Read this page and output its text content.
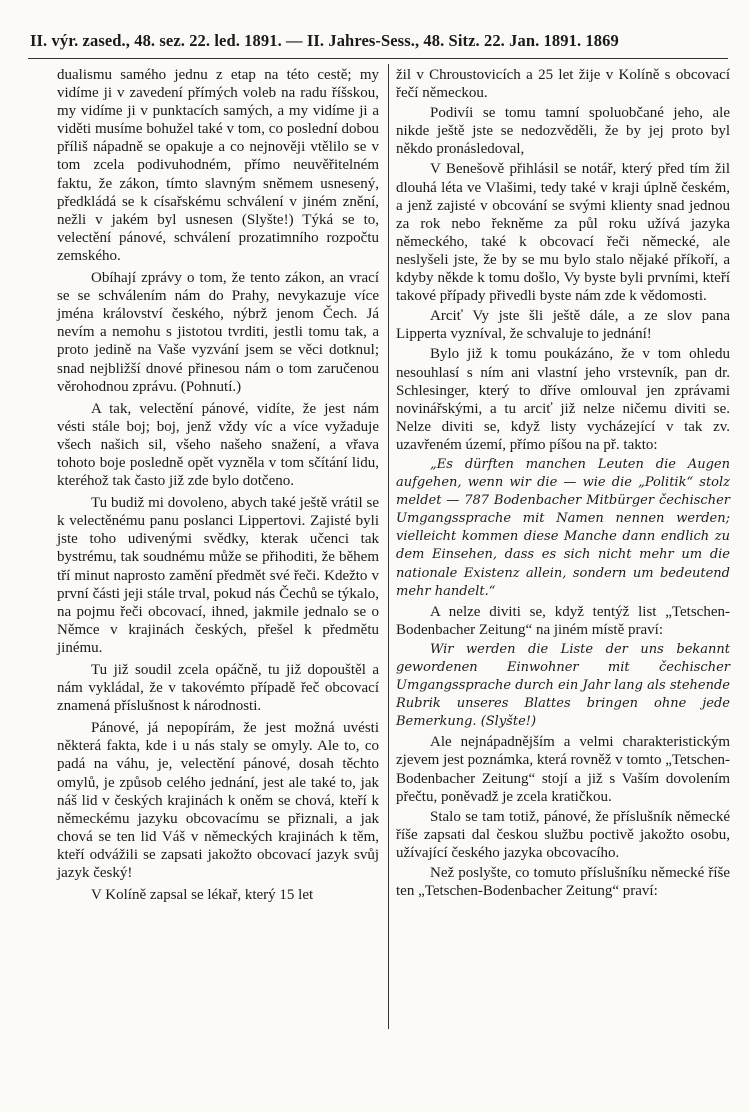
II. výr. zased., 48. sez. 22. led. 1891. — II. Jahres-Sess., 48. Sitz. 22. Jan. 1891. 1869

dualismu samého jednu z etap na této cestě; my vidíme ji v zavedení přímých voleb na radu říšskou, my vidíme ji v punktacích samých, a my vidíme ji a viděti musíme bohužel také v tom, co poslední dobou příliš nápadně se opakuje a co nejnověji vtělilo se v tom zcela podivuhodném, přímo neuvěřitelném faktu, že zákon, tímto slavným sněmem usnesený, předkládá se k císařskému schválení v jiném znění, nežli v jakém byl usnesen (Slyšte!) Týká se to, velectění pánové, schválení prozatimního rozpočtu zemského.

Obíhají zprávy o tom, že tento zákon, an vrací se se schválením nám do Prahy, nevykazuje více jména království českého, nýbrž jenom Čech. Já nevím a nemohu s jistotou tvrditi, jestli tomu tak, a proto jedině na Vaše vyzvání jsem se věci dotknul; snad nejbližší dnové přinesou nám o tom zaručenou věrohodnou zprávu. (Pohnutí.)

A tak, velectění pánové, vidíte, že jest nám vésti stále boj; boj, jenž vždy víc a více vyžaduje všech našich sil, všeho našeho snažení, a vřava tohoto boje posledně opět vyzněla v tom sčítání lidu, kteréhož tak často již zde bylo dotčeno.

Tu budiž mi dovoleno, abych také ještě vrátil se k velectěnému panu poslanci Lippertovi. Zajisté byli jste toho udivenými svědky, kterak učenci tak bystrému, tak soudnému může se přihoditi, že během tří minut naprosto zamění předmět své řeči. Kdežto v první části jeji stále trval, pokud nás Čechů se týkalo, na pojmu řeči obcovací, ihned, jakmile jednalo se o Němce v krajinách českých, přešel k předmětu jinému.

Tu již soudil zcela opáčně, tu již dopouštěl a nám vykládal, že v takovémto případě řeč obcovací znamená příslušnost k národnosti.

Pánové, já nepopírám, že jest možná uvésti některá fakta, kde i u nás staly se omyly. Ale to, co padá na váhu, je, velectění pánové, dosah těchto omylů, je způsob celého jednání, jest ale také to, jak náš lid v českých krajinách k oněm se chová, kteří k německému jazyku obcovacímu se přiznali, a jak chová se ten lid Váš v německých krajinách k těm, kteří odvážili se zapsati jakožto obcovací jazyk svůj jazyk český!

V Kolíně zapsal se lékař, který 15 let

žil v Chroustovicích a 25 let žije v Kolíně s obcovací řečí německou.

Podivíi se tomu tamní spoluobčané jeho, ale nikde ještě jste se nedozvěděli, že by jej proto byl někdo pronásledoval,

V Benešově přihlásil se notář, který před tím žil dlouhá léta ve Vlašimi, tedy také v kraji úplně českém, a jenž zajisté v obcování se svými klienty snad jednou za rok nebo řekněme za půl roku užívá jazyka německého, také k obcovací řeči německé, ale neslyšeli jste, že by se mu bylo stalo nějaké příkoří, a kdyby někde k tomu došlo, Vy byste byli prvními, kteří takové případy přivedli byste nám zde k vědomosti.

Arciť Vy jste šli ještě dále, a ze slov pana Lipperta vyzníval, že schvaluje to jednání!

Bylo již k tomu poukázáno, že v tom ohledu nesouhlasí s ním ani vlastní jeho vrstevník, pan dr. Schlesinger, který to dříve omlouval jen zprávami novinářskými, a tu arciť již nelze ničemu diviti se. Nelze diviti se, když listy vycházející v tak zv. uzavřeném území, přímo píšou na př. takto:

„Es dürften manchen Leuten die Augen aufgehen, wenn wir die — wie die „Politik“ stolz meldet — 787 Bodenbacher Mitbürger čechischer Umgangssprache mit Namen nennen werden; vielleicht kommen diese Manche dann endlich zu dem Einsehen, dass es sich nicht mehr um die nationale Existenz allein, sondern um bedeutend mehr handelt.“

A nelze diviti se, když tentýž list „Tetschen-Bodenbacher Zeitung“ na jiném místě praví:

Wir werden die Liste der uns bekannt gewordenen Einwohner mit čechischer Umgangssprache durch ein Jahr lang als stehende Rubrik unseres Blattes bringen ohne jede Bemerkung. (Slyšte!)

Ale nejnápadnějším a velmi charakteristickým zjevem jest poznámka, která rovněž v tomto „Tetschen-Bodenbacher Zeitung“ stojí a již s Vaším dovolením přečtu, poněvadž je zcela kratičkou.

Stalo se tam totiž, pánové, že příslušník německé říše zapsati dal českou službu poctivě jakožto osobu, užívající českého jazyka obcovacího.

Než poslyšte, co tomuto příslušníku německé říše ten „Tetschen-Bodenbacher Zeitung“ praví:
